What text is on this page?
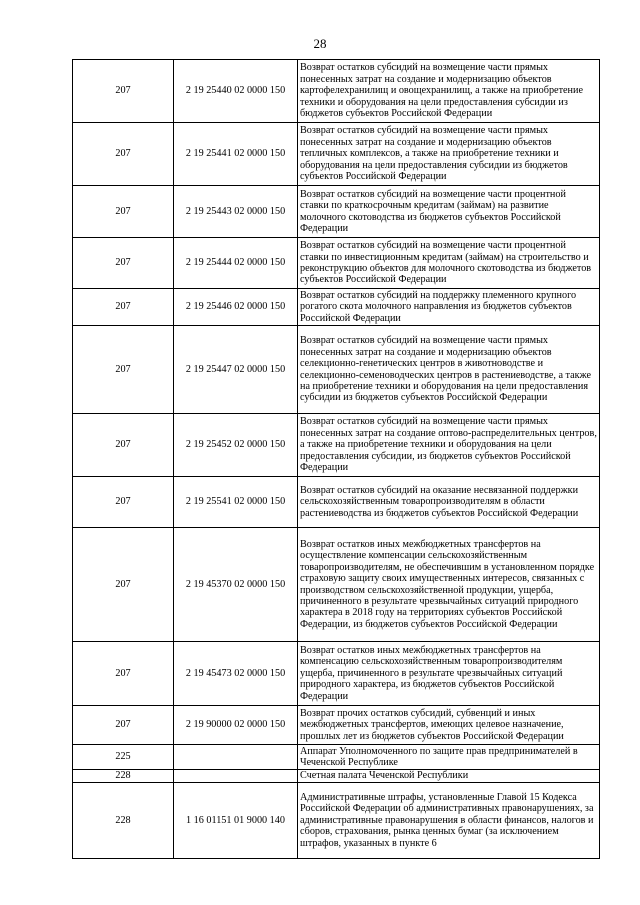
28
207	2 19 25440 02 0000 150	Возврат остатков субсидий на возмещение части прямых понесенных затрат на создание и модернизацию объектов картофелехранилищ и овощехранилищ, а также на приобретение техники и оборудования на цели предоставления субсидии из бюджетов субъектов Российской Федерации
207	2 19 25441 02 0000 150	Возврат остатков субсидий на возмещение части прямых понесенных затрат на создание и модернизацию объектов тепличных комплексов, а также на приобретение техники и оборудования на цели предоставления субсидии из бюджетов субъектов Российской Федерации
207	2 19 25443 02 0000 150	Возврат остатков субсидий на возмещение части процентной ставки по краткосрочным кредитам (займам) на развитие молочного скотоводства из бюджетов субъектов Российской Федерации
207	2 19 25444 02 0000 150	Возврат остатков субсидий на возмещение части процентной ставки по инвестиционным кредитам (займам) на строительство и реконструкцию объектов для молочного скотоводства из бюджетов субъектов Российской Федерации
207	2 19 25446 02 0000 150	Возврат остатков субсидий на поддержку племенного крупного рогатого скота молочного направления из бюджетов субъектов Российской Федерации
207	2 19 25447 02 0000 150	Возврат остатков субсидий на возмещение части прямых понесенных затрат на создание и модернизацию объектов селекционно-генетических центров в животноводстве и селекционно-семеноводческих центров в растениеводстве, а также на приобретение техники и оборудования на цели предоставления субсидии из бюджетов субъектов Российской Федерации
207	2 19 25452 02 0000 150	Возврат остатков субсидий на возмещение части прямых понесенных затрат на создание оптово-распределительных центров, а также на приобретение техники и оборудования на цели предоставления субсидии, из бюджетов субъектов Российской Федерации
207	2 19 25541 02 0000 150	Возврат остатков субсидий на оказание несвязанной поддержки сельскохозяйственным товаропроизводителям в области растениеводства из бюджетов субъектов Российской Федерации
207	2 19 45370 02 0000 150	Возврат остатков иных межбюджетных трансфертов на осуществление компенсации сельскохозяйственным товаропроизводителям, не обеспечившим в установленном порядке страховую защиту своих имущественных интересов, связанных с производством сельскохозяйственной продукции, ущерба, причиненного в результате чрезвычайных ситуаций природного характера в 2018 году на территориях субъектов Российской Федерации, из бюджетов субъектов Российской Федерации
207	2 19 45473 02 0000 150	Возврат остатков иных межбюджетных трансфертов на компенсацию сельскохозяйственным товаропроизводителям ущерба, причиненного в результате чрезвычайных ситуаций природного характера, из бюджетов субъектов Российской Федерации
207	2 19 90000 02 0000 150	Возврат прочих остатков субсидий, субвенций и иных межбюджетных трансфертов, имеющих целевое назначение, прошлых лет из бюджетов субъектов Российской Федерации
225		Аппарат Уполномоченного по защите прав предпринимателей в Чеченской Республике
228		Счетная палата Чеченской Республики
228	1 16 01151 01 9000 140	Административные штрафы, установленные Главой 15 Кодекса Российской Федерации об административных правонарушениях, за административные правонарушения в области финансов, налогов и сборов, страхования, рынка ценных бумаг (за исключением штрафов, указанных в пункте 6
